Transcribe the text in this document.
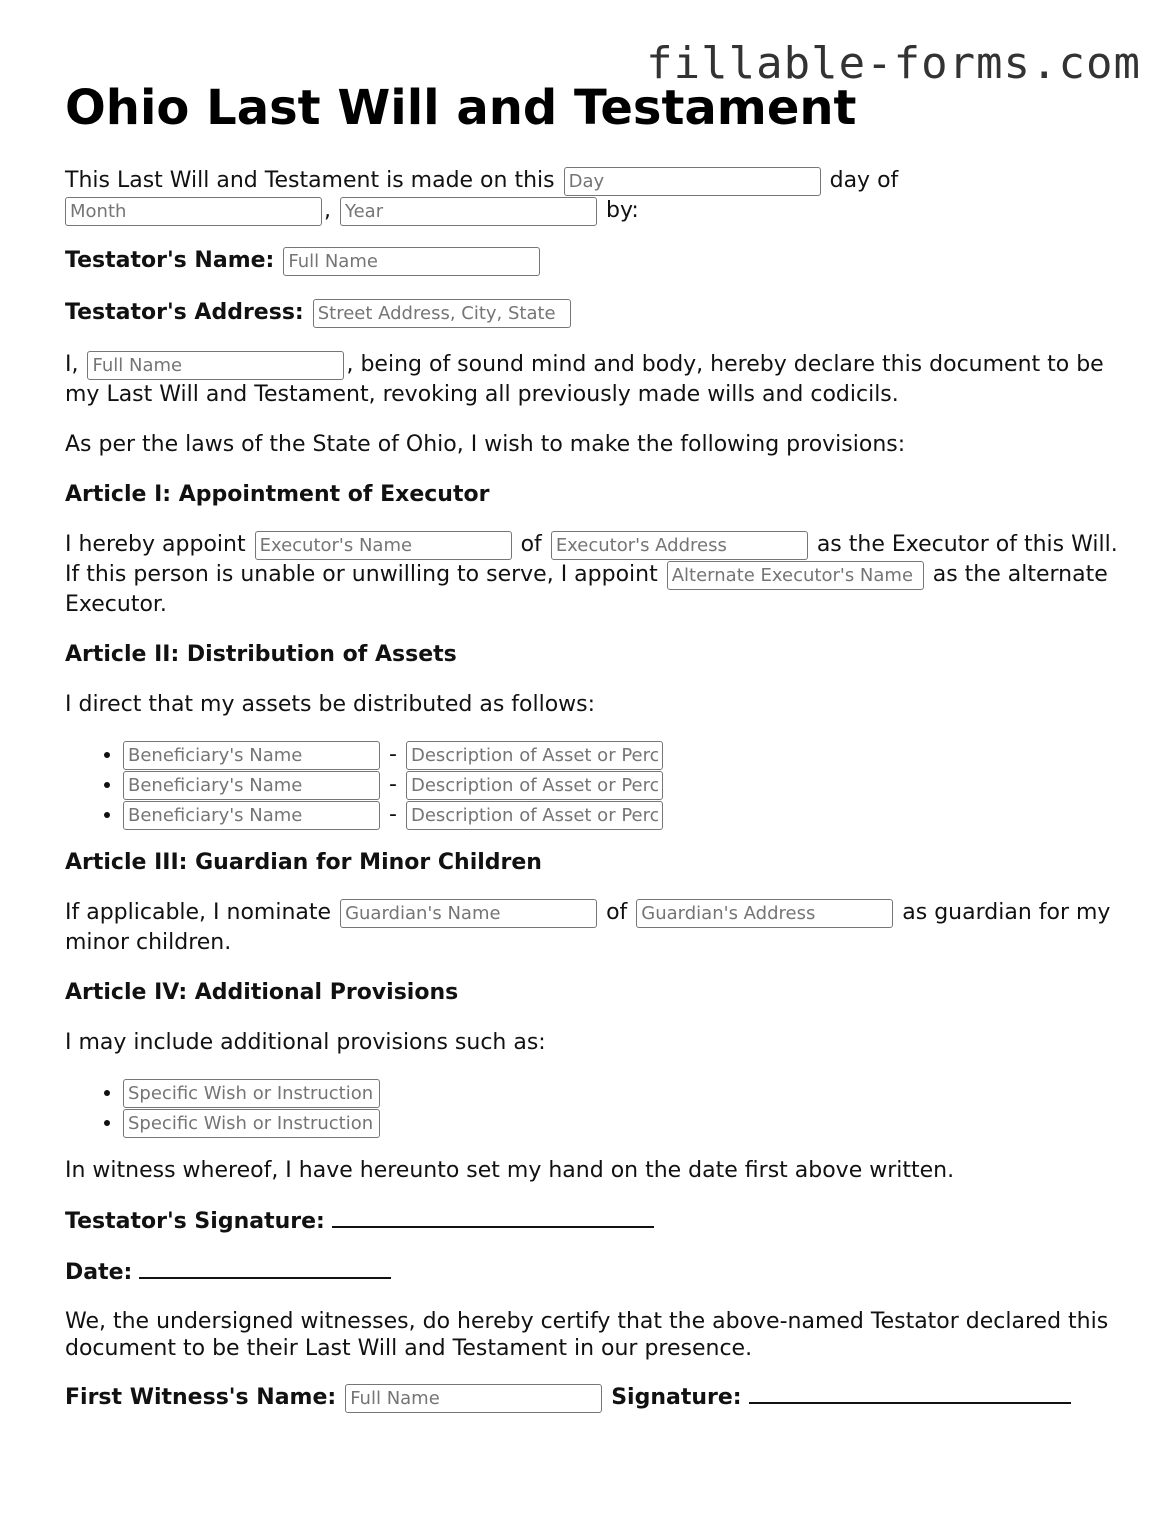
fillable-forms.com
Ohio Last Will and Testament

This Last Will and Testament is made on this Day	day of
Month, Year	by:

Testator's Name: Full Name

Testator's Address: Street Address, City, State

I, Full Name	, being of sound mind and body, hereby declare this document to be my Last Will and Testament, revoking all previously made wills and codicils.

As per the laws of the State of Ohio, I wish to make the following provisions:

Article I: Appointment of Executor

I hereby appoint Executor's Name	of Executor's Address	as the Executor of this Will. If this person is unable or unwilling to serve, I appoint Alternate Executor's Name	as the alternate Executor.

Article II: Distribution of Assets

I direct that my assets be distributed as follows:

Beneficiary's Name • - Description of Asset or Percentage
Beneficiary's Name • - Description of Asset or Percentage
Beneficiary's Name • - Description of Asset or Percentage
Article III: Guardian for Minor Children

If applicable, I nominate Guardian's Name	of Guardian's Address	as guardian for my minor children.

Article IV: Additional Provisions

I may include additional provisions such as:

• Specific Wish or Instruction
• Specific Wish or Instruction

In witness whereof, I have hereunto set my hand on the date first above written.

Testator's Signature:

Date:

We, the undersigned witnesses, do hereby certify that the above-named Testator declared this document to be their Last Will and Testament in our presence.

First Witness's Name: Full Name	Signature:
